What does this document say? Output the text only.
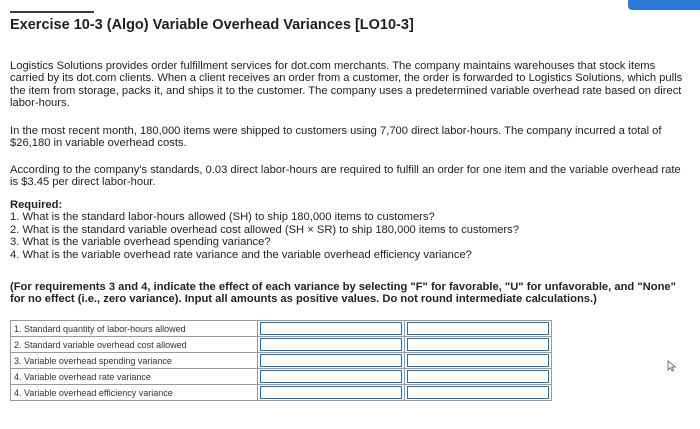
Exercise 10-3 (Algo) Variable Overhead Variances [LO10-3]

Logistics Solutions provides order fulfillment services for dot.com merchants. The company maintains warehouses that stock items carried by its dot.com clients. When a client receives an order from a customer, the order is forwarded to Logistics Solutions, which pulls the item from storage, packs it, and ships it to the customer. The company uses a predetermined variable overhead rate based on direct labor-hours.

In the most recent month, 180,000 items were shipped to customers using 7,700 direct labor-hours. The company incurred a total of $26,180 in variable overhead costs.

According to the company's standards, 0.03 direct labor-hours are required to fulfill an order for one item and the variable overhead rate is $3.45 per direct labor-hour.

Required:
1. What is the standard labor-hours allowed (SH) to ship 180,000 items to customers?
2. What is the standard variable overhead cost allowed (SH × SR) to ship 180,000 items to customers?
3. What is the variable overhead spending variance?
4. What is the variable overhead rate variance and the variable overhead efficiency variance?

(For requirements 3 and 4, indicate the effect of each variance by selecting "F" for favorable, "U" for unfavorable, and "None" for no effect (i.e., zero variance). Input all amounts as positive values. Do not round intermediate calculations.)

1. Standard quantity of labor-hours allowed	

2. Standard variable overhead cost allowed	

3. Variable overhead spending variance	

4. Variable overhead rate variance	

4. Variable overhead efficiency variance	
